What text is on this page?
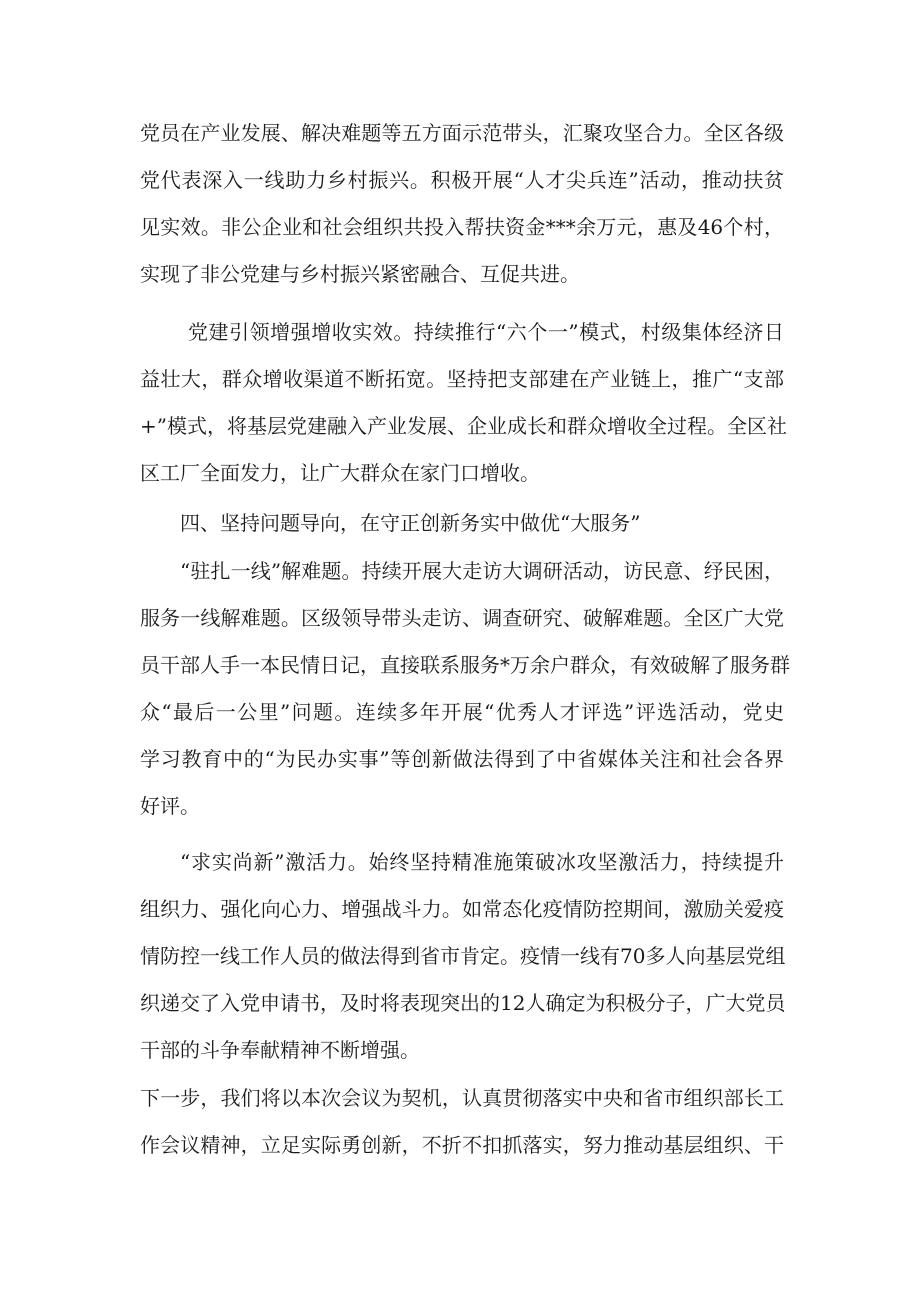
党员在产业发展、解决难题等五方面示范带头，汇聚攻坚合力。全区各级
党代表深入一线助力乡村振兴。积极开展“人才尖兵连”活动，推动扶贫
见实效。非公企业和社会组织共投入帮扶资金***余万元，惠及46个村，
实现了非公党建与乡村振兴紧密融合、互促共进。
党建引领增强增收实效。持续推行“六个一”模式，村级集体经济日
益壮大，群众增收渠道不断拓宽。坚持把支部建在产业链上，推广“支部
+”模式，将基层党建融入产业发展、企业成长和群众增收全过程。全区社
区工厂全面发力，让广大群众在家门口增收。
四、坚持问题导向，在守正创新务实中做优“大服务”
“驻扎一线”解难题。持续开展大走访大调研活动，访民意、纾民困，
服务一线解难题。区级领导带头走访、调查研究、破解难题。全区广大党
员干部人手一本民情日记，直接联系服务*万余户群众，有效破解了服务群
众“最后一公里”问题。连续多年开展“优秀人才评选”评选活动，党史
学习教育中的“为民办实事”等创新做法得到了中省媒体关注和社会各界
好评。
“求实尚新”激活力。始终坚持精准施策破冰攻坚激活力，持续提升
组织力、强化向心力、增强战斗力。如常态化疫情防控期间，激励关爱疫
情防控一线工作人员的做法得到省市肯定。疫情一线有70多人向基层党组
织递交了入党申请书，及时将表现突出的12人确定为积极分子，广大党员
干部的斗争奉献精神不断增强。
下一步，我们将以本次会议为契机，认真贯彻落实中央和省市组织部长工
作会议精神，立足实际勇创新，不折不扣抓落实，努力推动基层组织、干
